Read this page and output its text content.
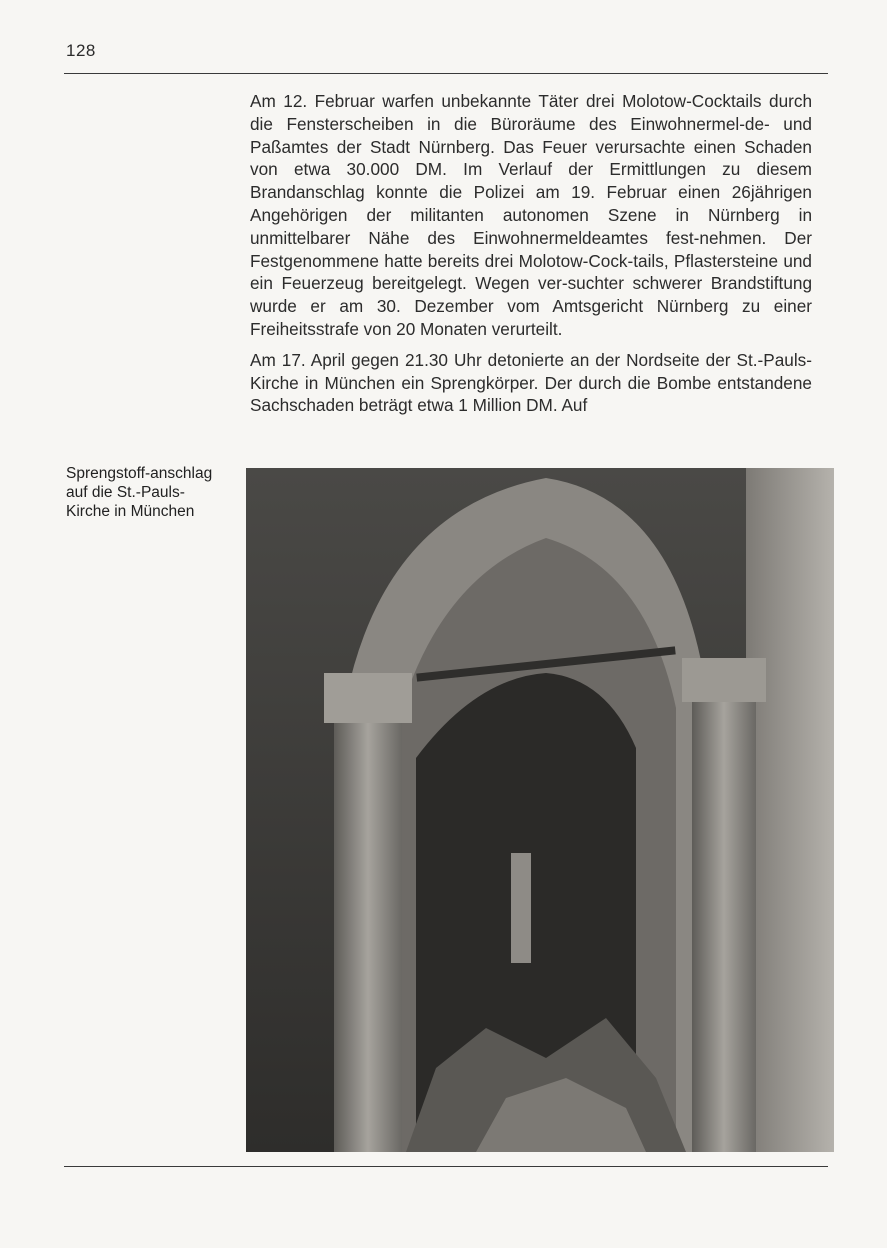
128

Am 12. Februar warfen unbekannte Täter drei Molotow-Cocktails durch die Fensterscheiben in die Büroräume des Einwohnermel-de- und Paßamtes der Stadt Nürnberg. Das Feuer verursachte einen Schaden von etwa 30.000 DM. Im Verlauf der Ermittlungen zu diesem Brandanschlag konnte die Polizei am 19. Februar einen 26jährigen Angehörigen der militanten autonomen Szene in Nürnberg in unmittelbarer Nähe des Einwohnermeldeamtes fest-nehmen. Der Festgenommene hatte bereits drei Molotow-Cock-tails, Pflastersteine und ein Feuerzeug bereitgelegt. Wegen ver-suchter schwerer Brandstiftung wurde er am 30. Dezember vom Amtsgericht Nürnberg zu einer Freiheitsstrafe von 20 Monaten verurteilt.

Am 17. April gegen 21.30 Uhr detonierte an der Nordseite der St.-Pauls-Kirche in München ein Sprengkörper. Der durch die Bombe entstandene Sachschaden beträgt etwa 1 Million DM. Auf

Sprengstoff-anschlag auf die St.-Pauls-Kirche in München
